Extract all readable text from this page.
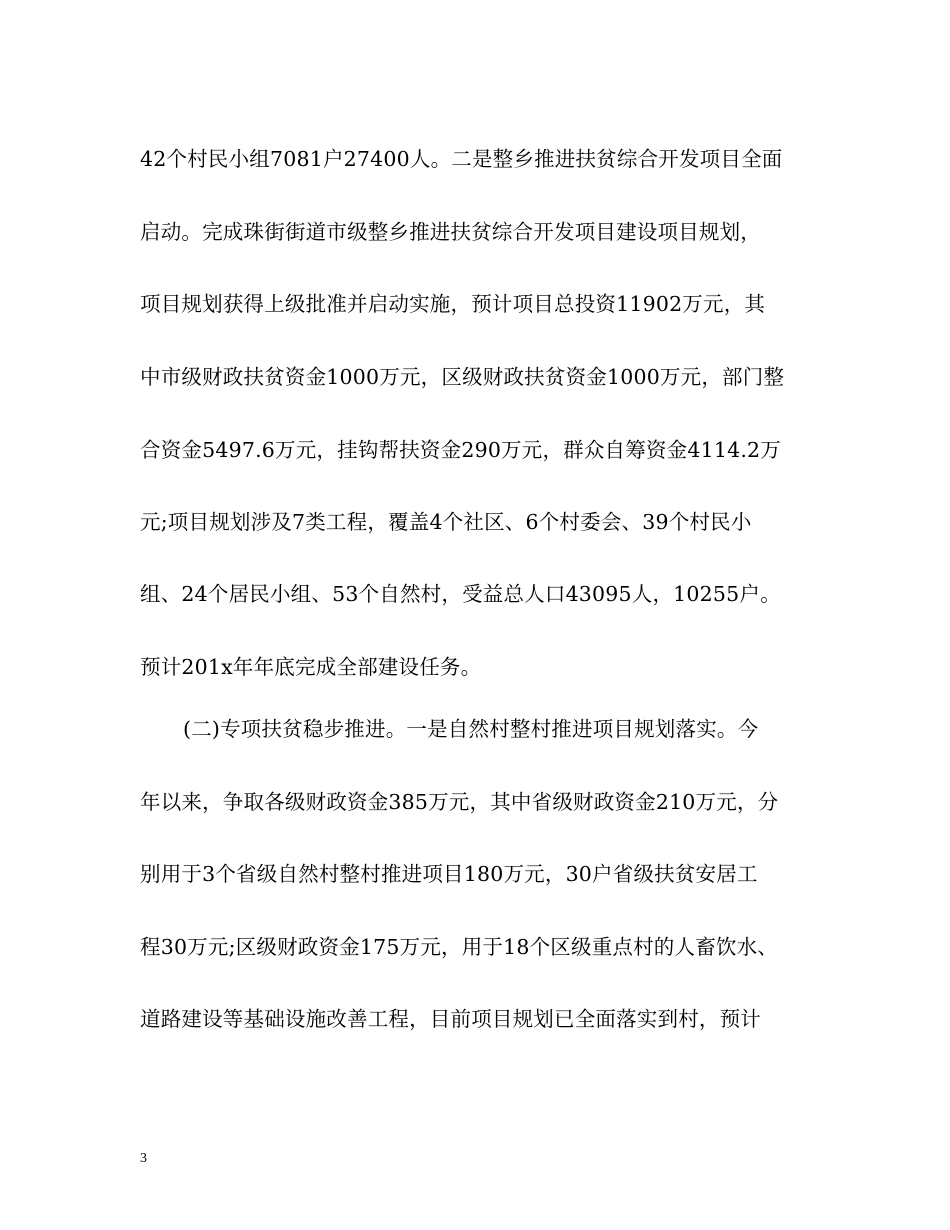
42个村民小组7081户27400人。二是整乡推进扶贫综合开发项目全面
启动。完成珠街街道市级整乡推进扶贫综合开发项目建设项目规划，
项目规划获得上级批准并启动实施，预计项目总投资11902万元，其
中市级财政扶贫资金1000万元，区级财政扶贫资金1000万元，部门整
合资金5497.6万元，挂钩帮扶资金290万元，群众自筹资金4114.2万
元;项目规划涉及7类工程，覆盖4个社区、6个村委会、39个村民小
组、24个居民小组、53个自然村，受益总人口43095人，10255户。
预计201x年年底完成全部建设任务。
(二)专项扶贫稳步推进。一是自然村整村推进项目规划落实。今
年以来，争取各级财政资金385万元，其中省级财政资金210万元，分
别用于3个省级自然村整村推进项目180万元，30户省级扶贫安居工
程30万元;区级财政资金175万元，用于18个区级重点村的人畜饮水、
道路建设等基础设施改善工程，目前项目规划已全面落实到村，预计
3
